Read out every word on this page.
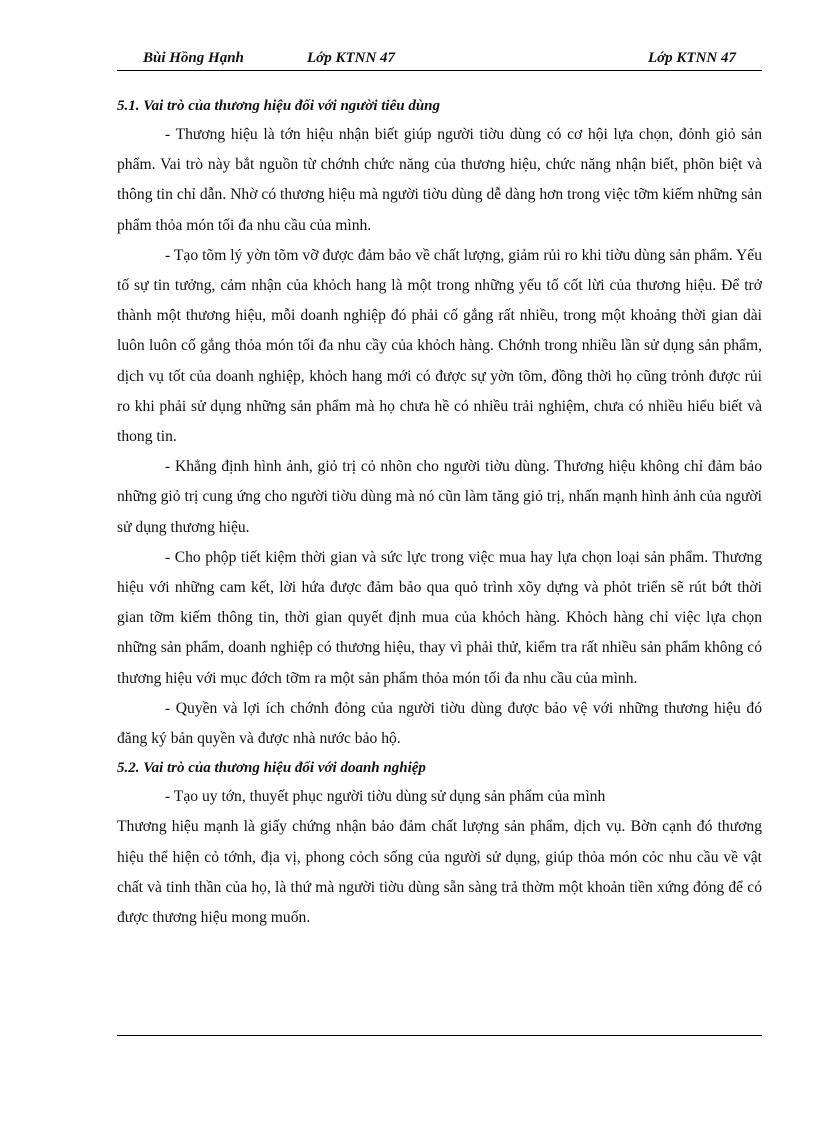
Bùi Hồng Hạnh	Lớp KTNN 47	Lớp KTNN 47

5.1. Vai trò của thương hiệu đối với người tiêu dùng

- Thương hiệu là tớn hiệu nhận biết giúp người tiờu dùng có cơ hội lựa chọn, đỏnh giỏ sản phẩm. Vai trò này bắt nguồn từ chớnh chức năng của thương hiệu, chức năng nhận biết, phõn biệt và thông tin chỉ dẫn. Nhờ có thương hiệu mà người tiờu dùng dễ dàng hơn trong việc tỡm kiếm những sản phẩm thỏa món tối đa nhu cầu của mình.

- Tạo tõm lý yờn tõm vỡ được đảm bảo về chất lượng, giảm rủi ro khi tiờu dùng sản phẩm. Yếu tố sự tin tưởng, cảm nhận của khỏch hang là một trong những yếu tố cốt lừi của thương hiệu. Để trở thành một thương hiệu, mỗi doanh nghiệp đó phải cố gắng rất nhiều, trong một khoảng thời gian dài luôn luôn cố gắng thỏa món tối đa nhu cầy của khỏch hàng. Chớnh trong nhiều lần sử dụng sản phẩm, dịch vụ tốt của doanh nghiệp, khỏch hang mới có được sự yờn tõm, đồng thời họ cũng trỏnh được rủi ro khi phải sử dụng những sản phẩm mà họ chưa hề có nhiều trải nghiệm, chưa có nhiều hiểu biết và thong tin.

- Khẳng định hình ảnh, giỏ trị cỏ nhõn cho người tiờu dùng. Thương hiệu không chỉ đảm bảo những giỏ trị cung ứng cho người tiờu dùng mà nó cũn làm tăng giỏ trị, nhấn mạnh hình ảnh của người sử dụng thương hiệu.

- Cho phộp tiết kiệm thời gian và sức lực trong việc mua hay lựa chọn loại sản phẩm. Thương hiệu với những cam kết, lời hứa được đảm bảo qua quỏ trình xõy dựng và phỏt triển sẽ rút bớt thời gian tỡm kiếm thông tin, thời gian quyết định mua của khỏch hàng. Khỏch hàng chỉ việc lựa chọn những sản phẩm, doanh nghiệp có thương hiệu, thay vì phải thử, kiểm tra rất nhiều sản phẩm không có thương hiệu với mục đớch tỡm ra một sản phẩm thỏa món tối đa nhu cầu của mình.

- Quyền và lợi ích chớnh đỏng của người tiờu dùng được bảo vệ với những thương hiệu đó đăng ký bản quyền và được nhà nước bảo hộ.

5.2. Vai trò của thương hiệu đối với doanh nghiệp

- Tạo uy tớn, thuyết phục người tiờu dùng sử dụng sản phẩm của mình

Thương hiệu mạnh là giấy chứng nhận bảo đảm chất lượng sản phẩm, dịch vụ. Bờn cạnh đó thương hiệu thể hiện cỏ tớnh, địa vị, phong cỏch sống của người sử dụng, giúp thỏa món cỏc nhu cầu về vật chất và tinh thần của họ, là thứ mà người tiờu dùng sẵn sàng trả thờm một khoản tiền xứng đỏng để có được thương hiệu mong muốn.
